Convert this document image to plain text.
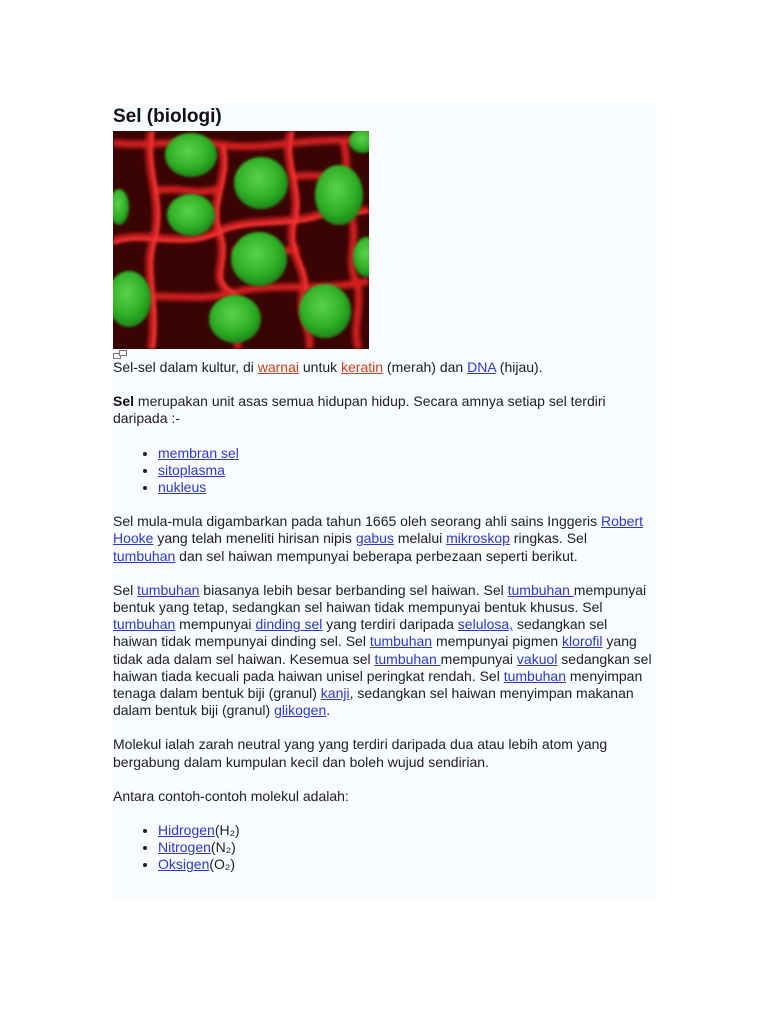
Sel (biologi)

Sel-sel dalam kultur, di warnai untuk keratin (merah) dan DNA (hijau).

Sel merupakan unit asas semua hidupan hidup. Secara amnya setiap sel terdiri daripada :-

• membran sel
• sitoplasma
• nukleus

Sel mula-mula digambarkan pada tahun 1665 oleh seorang ahli sains Inggeris Robert Hooke yang telah meneliti hirisan nipis gabus melalui mikroskop ringkas. Sel tumbuhan dan sel haiwan mempunyai beberapa perbezaan seperti berikut.

Sel tumbuhan biasanya lebih besar berbanding sel haiwan. Sel tumbuhan mempunyai bentuk yang tetap, sedangkan sel haiwan tidak mempunyai bentuk khusus. Sel tumbuhan mempunyai dinding sel yang terdiri daripada selulosa, sedangkan sel haiwan tidak mempunyai dinding sel. Sel tumbuhan mempunyai pigmen klorofil yang tidak ada dalam sel haiwan. Kesemua sel tumbuhan mempunyai vakuol sedangkan sel haiwan tiada kecuali pada haiwan unisel peringkat rendah. Sel tumbuhan menyimpan tenaga dalam bentuk biji (granul) kanji, sedangkan sel haiwan menyimpan makanan dalam bentuk biji (granul) glikogen.

Molekul ialah zarah neutral yang yang terdiri daripada dua atau lebih atom yang bergabung dalam kumpulan kecil dan boleh wujud sendirian.

Antara contoh-contoh molekul adalah:

• Hidrogen(H₂)
• Nitrogen(N₂)
• Oksigen(O₂)
